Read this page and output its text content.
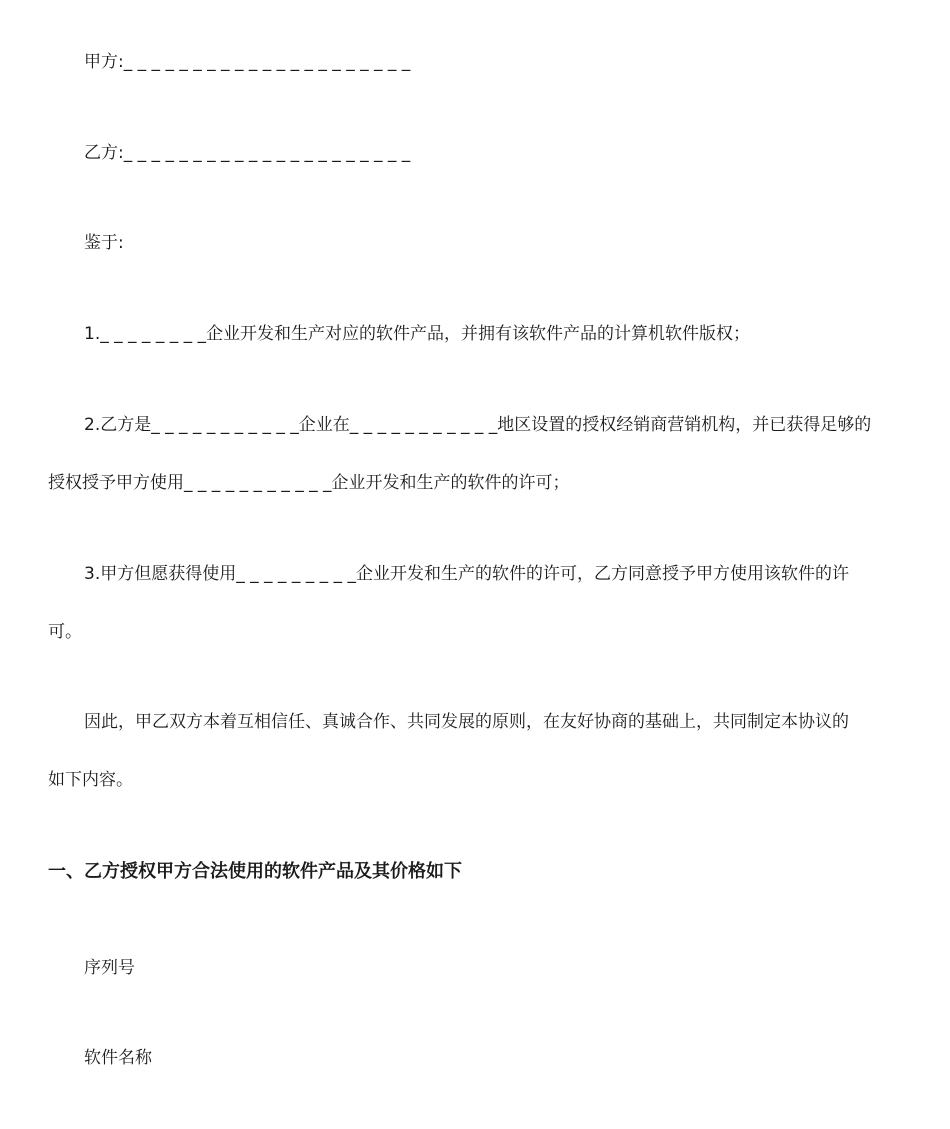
甲方:_ _ _ _ _ _ _ _ _ _ _ _ _ _ _ _ _ _ _ _ _
乙方:_ _ _ _ _ _ _ _ _ _ _ _ _ _ _ _ _ _ _ _ _
鉴于:
1._ _ _ _ _ _ _ _企业开发和生产对应的软件产品，并拥有该软件产品的计算机软件版权；
2.乙方是_ _ _ _ _ _ _ _ _ _ _企业在_ _ _ _ _ _ _ _ _ _ _地区设置的授权经销商营销机构，并已获得足够的
授权授予甲方使用_ _ _ _ _ _ _ _ _ _ _企业开发和生产的软件的许可；
3.甲方但愿获得使用_ _ _ _ _ _ _ _ _企业开发和生产的软件的许可，乙方同意授予甲方使用该软件的许
可。
因此，甲乙双方本着互相信任、真诚合作、共同发展的原则，在友好协商的基础上，共同制定本协议的
如下内容。
一、乙方授权甲方合法使用的软件产品及其价格如下
序列号
软件名称
